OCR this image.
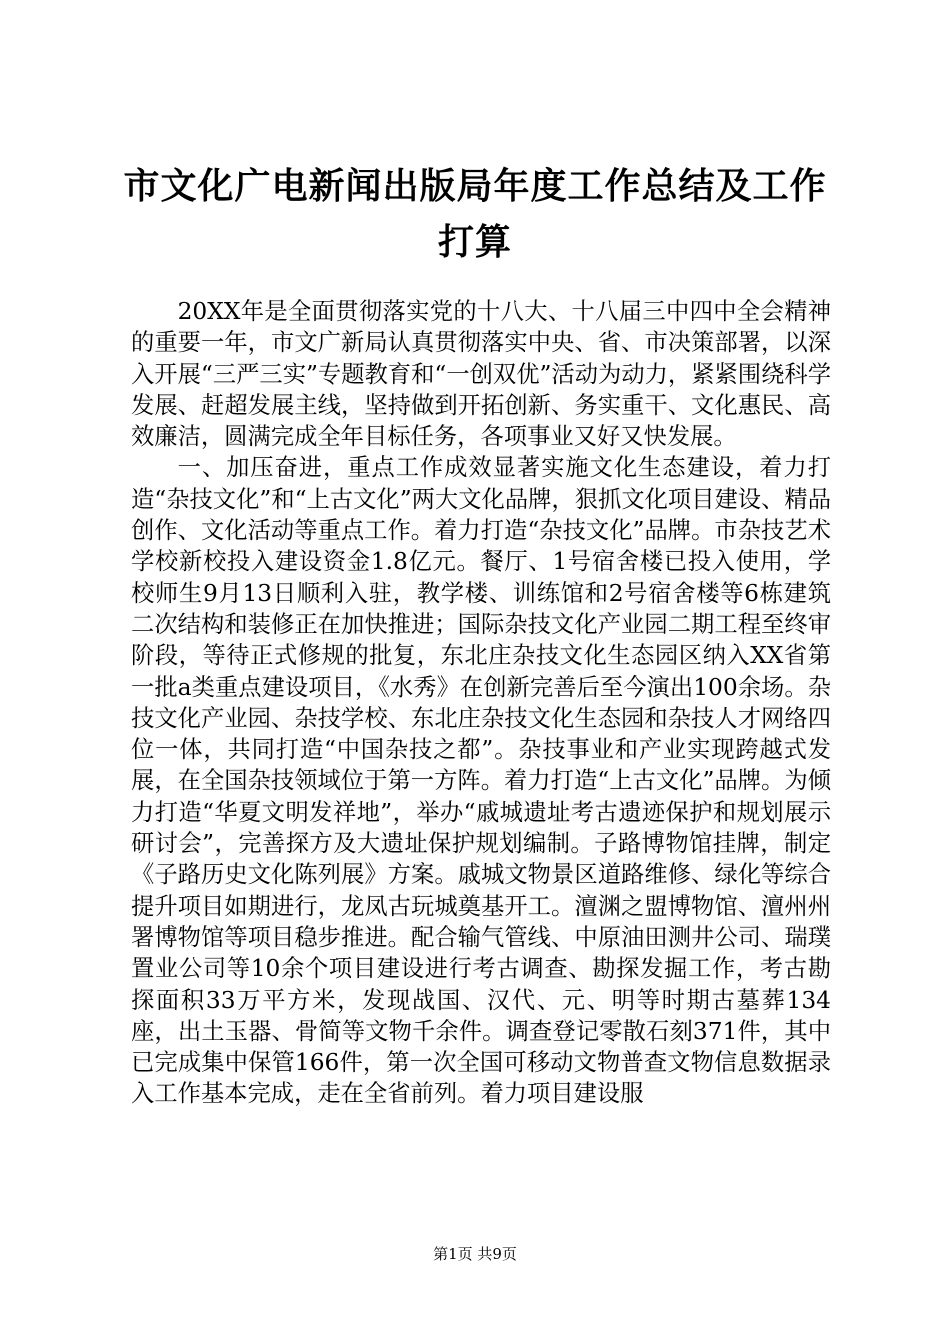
市文化广电新闻出版局年度工作总结及工作打算

20XX年是全面贯彻落实党的十八大、十八届三中四中全会精神的重要一年，市文广新局认真贯彻落实中央、省、市决策部署，以深入开展“三严三实”专题教育和“一创双优”活动为动力，紧紧围绕科学发展、赶超发展主线，坚持做到开拓创新、务实重干、文化惠民、高效廉洁，圆满完成全年目标任务，各项事业又好又快发展。

一、加压奋进，重点工作成效显著实施文化生态建设，着力打造“杂技文化”和“上古文化”两大文化品牌，狠抓文化项目建设、精品创作、文化活动等重点工作。着力打造“杂技文化”品牌。市杂技艺术学校新校投入建设资金1.8亿元。餐厅、1号宿舍楼已投入使用，学校师生9月13日顺利入驻，教学楼、训练馆和2号宿舍楼等6栋建筑二次结构和装修正在加快推进；国际杂技文化产业园二期工程至终审阶段，等待正式修规的批复，东北庄杂技文化生态园区纳入XX省第一批a类重点建设项目，《水秀》在创新完善后至今演出100余场。杂技文化产业园、杂技学校、东北庄杂技文化生态园和杂技人才网络四位一体，共同打造“中国杂技之都”。杂技事业和产业实现跨越式发展，在全国杂技领域位于第一方阵。着力打造“上古文化”品牌。为倾力打造“华夏文明发祥地”，举办“戚城遗址考古遗迹保护和规划展示研讨会”，完善探方及大遗址保护规划编制。子路博物馆挂牌，制定《子路历史文化陈列展》方案。戚城文物景区道路维修、绿化等综合提升项目如期进行，龙凤古玩城奠基开工。澶渊之盟博物馆、澶州州署博物馆等项目稳步推进。配合输气管线、中原油田测井公司、瑞璞置业公司等10余个项目建设进行考古调查、勘探发掘工作，考古勘探面积33万平方米，发现战国、汉代、元、明等时期古墓葬134座，出土玉器、骨简等文物千余件。调查登记零散石刻371件，其中已完成集中保管166件，第一次全国可移动文物普查文物信息数据录入工作基本完成，走在全省前列。着力项目建设服

第1页 共9页
